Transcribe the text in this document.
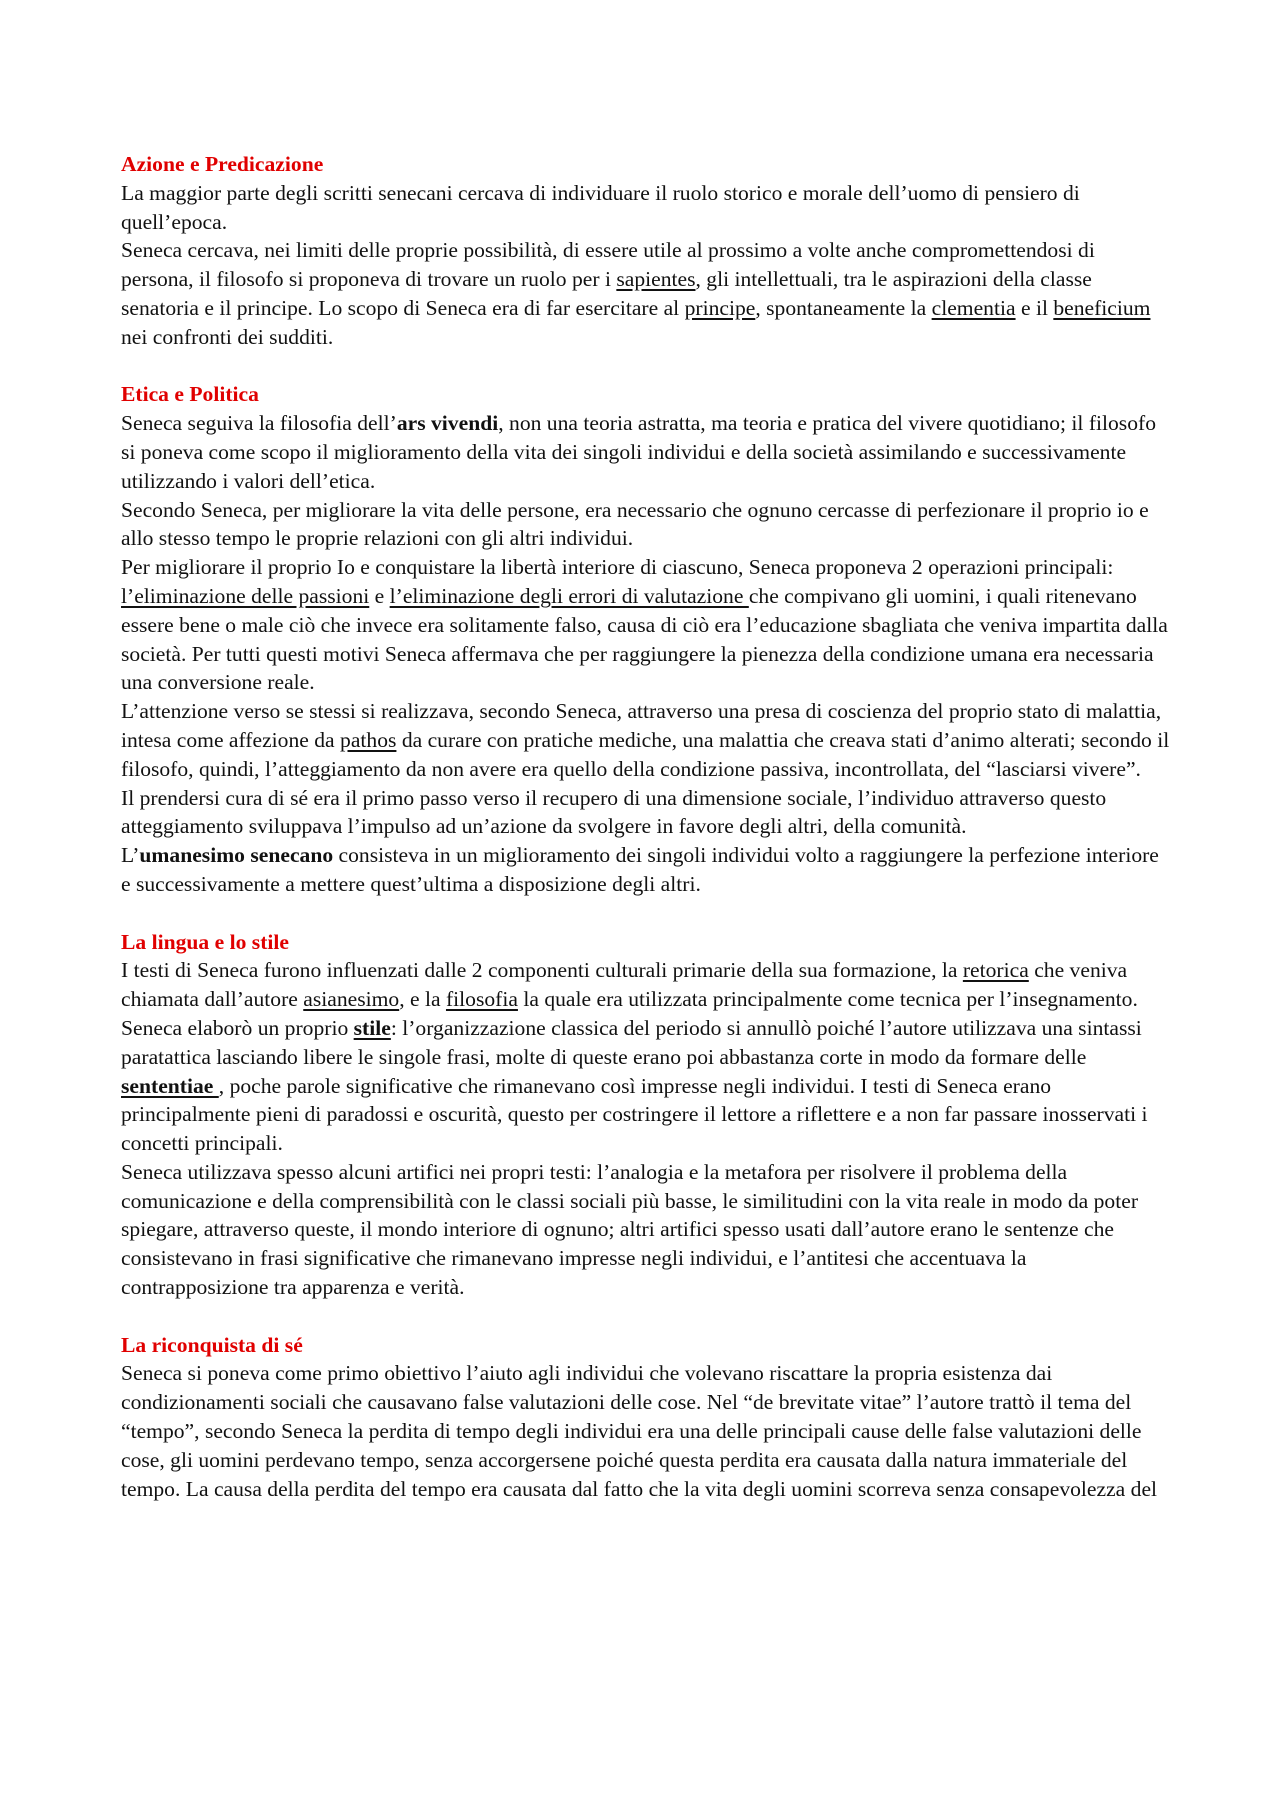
Azione e Predicazione

La maggior parte degli scritti senecani cercava di individuare il ruolo storico e morale dell’uomo di pensiero di quell’epoca.

Seneca cercava, nei limiti delle proprie possibilità, di essere utile al prossimo a volte anche compromettendosi di persona, il filosofo si proponeva di trovare un ruolo per i sapientes, gli intellettuali, tra le aspirazioni della classe senatoria e il principe. Lo scopo di Seneca era di far esercitare al principe, spontaneamente la clementia e il beneficium nei confronti dei sudditi.

Etica e Politica

Seneca seguiva la filosofia dell’ars vivendi, non una teoria astratta, ma teoria e pratica del vivere quotidiano; il filosofo si poneva come scopo il miglioramento della vita dei singoli individui e della società assimilando e successivamente utilizzando i valori dell’etica.

Secondo Seneca, per migliorare la vita delle persone, era necessario che ognuno cercasse di perfezionare il proprio io e allo stesso tempo le proprie relazioni con gli altri individui.

Per migliorare il proprio Io e conquistare la libertà interiore di ciascuno, Seneca proponeva 2 operazioni principali: l’eliminazione delle passioni e l’eliminazione degli errori di valutazione che compivano gli uomini, i quali ritenevano essere bene o male ciò che invece era solitamente falso, causa di ciò era l’educazione sbagliata che veniva impartita dalla società. Per tutti questi motivi Seneca affermava che per raggiungere la pienezza della condizione umana era necessaria una conversione reale.

L’attenzione verso se stessi si realizzava, secondo Seneca, attraverso una presa di coscienza del proprio stato di malattia, intesa come affezione da pathos da curare con pratiche mediche, una malattia che creava stati d’animo alterati; secondo il filosofo, quindi, l’atteggiamento da non avere era quello della condizione passiva, incontrollata, del “lasciarsi vivere”.

Il prendersi cura di sé era il primo passo verso il recupero di una dimensione sociale, l’individuo attraverso questo atteggiamento sviluppava l’impulso ad un’azione da svolgere in favore degli altri, della comunità.

L’umanesimo senecano consisteva in un miglioramento dei singoli individui volto a raggiungere la perfezione interiore e successivamente a mettere quest’ultima a disposizione degli altri.

La lingua e lo stile

I testi di Seneca furono influenzati dalle 2 componenti culturali primarie della sua formazione, la retorica che veniva chiamata dall’autore asianesimo, e la filosofia la quale era utilizzata principalmente come tecnica per l’insegnamento. Seneca elaborò un proprio stile: l’organizzazione classica del periodo si annullò poiché l’autore utilizzava una sintassi paratattica lasciando libere le singole frasi, molte di queste erano poi abbastanza corte in modo da formare delle sententiae , poche parole significative che rimanevano così impresse negli individui. I testi di Seneca erano principalmente pieni di paradossi e oscurità, questo per costringere il lettore a riflettere e a non far passare inosservati i concetti principali.

Seneca utilizzava spesso alcuni artifici nei propri testi: l’analogia e la metafora per risolvere il problema della comunicazione e della comprensibilità con le classi sociali più basse, le similitudini con la vita reale in modo da poter spiegare, attraverso queste, il mondo interiore di ognuno; altri artifici spesso usati dall’autore erano le sentenze che consistevano in frasi significative che rimanevano impresse negli individui, e l’antitesi che accentuava la contrapposizione tra apparenza e verità.

La riconquista di sé

Seneca si poneva come primo obiettivo l’aiuto agli individui che volevano riscattare la propria esistenza dai condizionamenti sociali che causavano false valutazioni delle cose. Nel “de brevitate vitae” l’autore trattò il tema del “tempo”, secondo Seneca la perdita di tempo degli individui era una delle principali cause delle false valutazioni delle cose, gli uomini perdevano tempo, senza accorgersene poiché questa perdita era causata dalla natura immateriale del tempo. La causa della perdita del tempo era causata dal fatto che la vita degli uomini scorreva senza consapevolezza del
